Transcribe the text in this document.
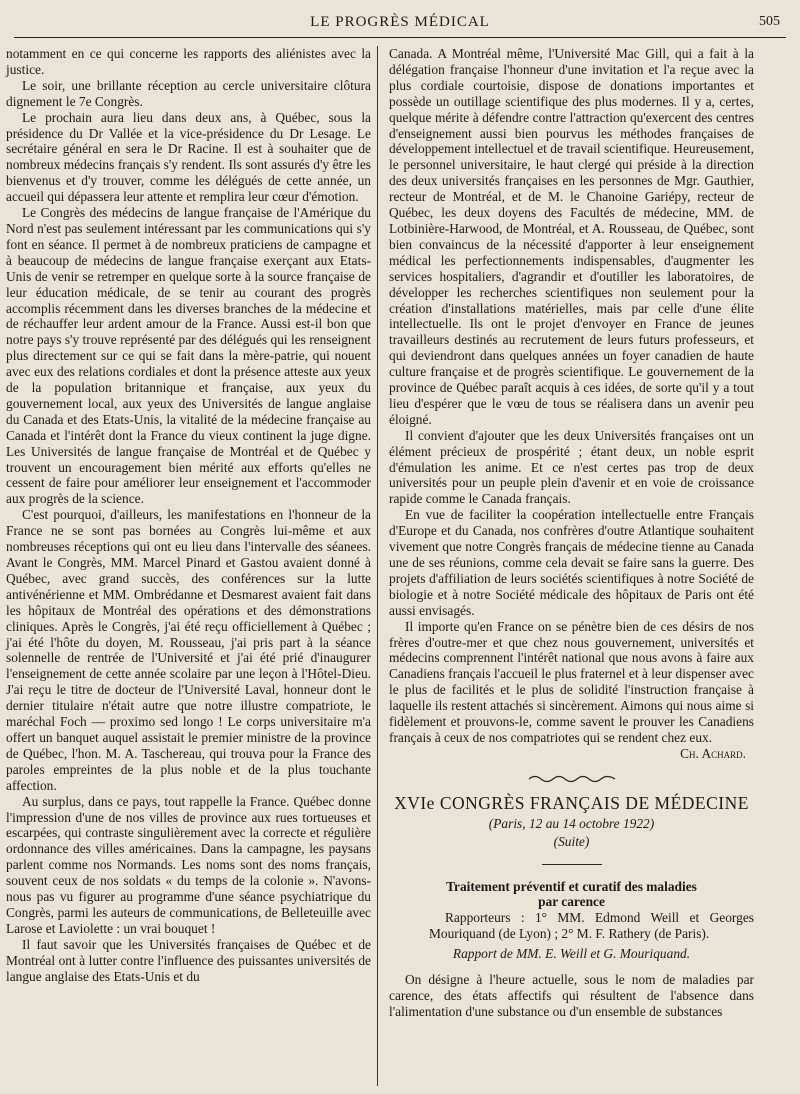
LE PROGRÈS MÉDICAL	505

notamment en ce qui concerne les rapports des aliénistes avec la justice.

Le soir, une brillante réception au cercle universitaire clôtura dignement le 7e Congrès.

Le prochain aura lieu dans deux ans, à Québec, sous la présidence du Dr Vallée et la vice-présidence du Dr Lesage. Le secrétaire général en sera le Dr Racine. Il est à souhaiter que de nombreux médecins français s'y rendent. Ils sont assurés d'y être les bienvenus et d'y trouver, comme les délégués de cette année, un accueil qui dépassera leur attente et remplira leur cœur d'émotion.

Le Congrès des médecins de langue française de l'Amérique du Nord n'est pas seulement intéressant par les communications qui s'y font en séance. Il permet à de nombreux praticiens de campagne et à beaucoup de médecins de langue française exerçant aux Etats-Unis de venir se retremper en quelque sorte à la source française de leur éducation médicale, de se tenir au courant des progrès accomplis récemment dans les diverses branches de la médecine et de réchauffer leur ardent amour de la France. Aussi est-il bon que notre pays s'y trouve représenté par des délégués qui les renseignent plus directement sur ce qui se fait dans la mère-patrie, qui nouent avec eux des relations cordiales et dont la présence atteste aux yeux de la population britannique et française, aux yeux du gouvernement local, aux yeux des Universités de langue anglaise du Canada et des Etats-Unis, la vitalité de la médecine française au Canada et l'intérêt dont la France du vieux continent la juge digne. Les Universités de langue française de Montréal et de Québec y trouvent un encouragement bien mérité aux efforts qu'elles ne cessent de faire pour améliorer leur enseignement et l'accommoder aux progrès de la science.

C'est pourquoi, d'ailleurs, les manifestations en l'honneur de la France ne se sont pas bornées au Congrès lui-même et aux nombreuses réceptions qui ont eu lieu dans l'intervalle des séanees. Avant le Congrès, MM. Marcel Pinard et Gastou avaient donné à Québec, avec grand succès, des conférences sur la lutte antivénérienne et MM. Ombrédanne et Desmarest avaient fait dans les hôpitaux de Montréal des opérations et des démonstrations cliniques. Après le Congrès, j'ai été reçu officiellement à Québec ; j'ai été l'hôte du doyen, M. Rousseau, j'ai pris part à la séance solennelle de rentrée de l'Université et j'ai été prié d'inaugurer l'enseignement de cette année scolaire par une leçon à l'Hôtel-Dieu. J'ai reçu le titre de docteur de l'Université Laval, honneur dont le dernier titulaire n'était autre que notre illustre compatriote, le maréchal Foch — proximo sed longo ! Le corps universitaire m'a offert un banquet auquel assistait le premier ministre de la province de Québec, l'hon. M. A. Taschereau, qui trouva pour la France des paroles empreintes de la plus noble et de la plus touchante affection.

Au surplus, dans ce pays, tout rappelle la France. Québec donne l'impression d'une de nos villes de province aux rues tortueuses et escarpées, qui contraste singulièrement avec la correcte et régulière ordonnance des villes américaines. Dans la campagne, les paysans parlent comme nos Normands. Les noms sont des noms français, souvent ceux de nos soldats « du temps de la colonie ». N'avons-nous pas vu figurer au programme d'une séance psychiatrique du Congrès, parmi les auteurs de communications, de Belleteuille avec Larose et Laviolette : un vrai bouquet !

Il faut savoir que les Universités françaises de Québec et de Montréal ont à lutter contre l'influence des puissantes universités de langue anglaise des Etats-Unis et du

Canada. A Montréal même, l'Université Mac Gill, qui a fait à la délégation française l'honneur d'une invitation et l'a reçue avec la plus cordiale courtoisie, dispose de donations importantes et possède un outillage scientifique des plus modernes. Il y a, certes, quelque mérite à défendre contre l'attraction qu'exercent des centres d'enseignement aussi bien pourvus les méthodes françaises de développement intellectuel et de travail scientifique. Heureusement, le personnel universitaire, le haut clergé qui préside à la direction des deux universités françaises en les personnes de Mgr. Gauthier, recteur de Montréal, et de M. le Chanoine Gariépy, recteur de Québec, les deux doyens des Facultés de médecine, MM. de Lotbinière-Harwood, de Montréal, et A. Rousseau, de Québec, sont bien convaincus de la nécessité d'apporter à leur enseignement médical les perfectionnements indispensables, d'augmenter les services hospitaliers, d'agrandir et d'outiller les laboratoires, de développer les recherches scientifiques non seulement pour la création d'installations matérielles, mais par celle d'une élite intellectuelle. Ils ont le projet d'envoyer en France de jeunes travailleurs destinés au recrutement de leurs futurs professeurs, et qui deviendront dans quelques années un foyer canadien de haute culture française et de progrès scientifique. Le gouvernement de la province de Québec paraît acquis à ces idées, de sorte qu'il y a tout lieu d'espérer que le vœu de tous se réalisera dans un avenir peu éloigné.

Il convient d'ajouter que les deux Universités françaises ont un élément précieux de prospérité ; étant deux, un noble esprit d'émulation les anime. Et ce n'est certes pas trop de deux universités pour un peuple plein d'avenir et en voie de croissance rapide comme le Canada français.

En vue de faciliter la coopération intellectuelle entre Français d'Europe et du Canada, nos confrères d'outre Atlantique souhaitent vivement que notre Congrès français de médecine tienne au Canada une de ses réunions, comme cela devait se faire sans la guerre. Des projets d'affiliation de leurs sociétés scientifiques à notre Société de biologie et à notre Société médicale des hôpitaux de Paris ont été aussi envisagés.

Il importe qu'en France on se pénètre bien de ces désirs de nos frères d'outre-mer et que chez nous gouvernement, universités et médecins comprennent l'intérêt national que nous avons à faire aux Canadiens français l'accueil le plus fraternel et à leur dispenser avec le plus de facilités et le plus de solidité l'instruction française à laquelle ils restent attachés si sincèrement. Aimons qui nous aime si fidèlement et prouvons-le, comme savent le prouver les Canadiens français à ceux de nos compatriotes qui se rendent chez eux.

Ch. Achard.
XVIe CONGRÈS FRANÇAIS DE MÉDECINE
(Paris, 12 au 14 octobre 1922)
(Suite)
Traitement préventif et curatif des maladies
par carence

Rapporteurs : 1° MM. Edmond Weill et Georges Mouriquand (de Lyon) ; 2° M. F. Rathery (de Paris).

Rapport de MM. E. Weill et G. Mouriquand.

On désigne à l'heure actuelle, sous le nom de maladies par carence, des états affectifs qui résultent de l'absence dans l'alimentation d'une substance ou d'un ensemble de substances
